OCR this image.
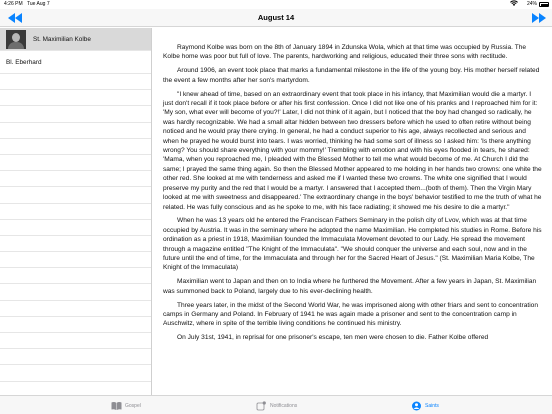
4:26 PM Tue Aug 7	24%
August 14
St. Maximilian Kolbe
Bl. Eberhard

Raymond Kolbe was born on the 8th of January 1894 in Zdunska Wola, which at that time was occupied by Russia. The Kolbe home was poor but full of love. The parents, hardworking and religious, educated their three sons with rectitude.

Around 1906, an event took place that marks a fundamental milestone in the life of the young boy. His mother herself related the event a few months after her son's martyrdom.

"I knew ahead of time, based on an extraordinary event that took place in his infancy, that Maximilian would die a martyr. I just don't recall if it took place before or after his first confession. Once I did not like one of his pranks and I reproached him for it: 'My son, what ever will become of you?!' Later, I did not think of it again, but I noticed that the boy had changed so radically, he was hardly recognizable. We had a small altar hidden between two dressers before which he used to often retire without being noticed and he would pray there crying. In general, he had a conduct superior to his age, always recollected and serious and when he prayed he would burst into tears. I was worried, thinking he had some sort of illness so I asked him: 'Is there anything wrong? You should share everything with your mommy!' Trembling with emotion and with his eyes flooded in tears, he shared: 'Mama, when you reproached me, I pleaded with the Blessed Mother to tell me what would become of me. At Church I did the same; I prayed the same thing again. So then the Blessed Mother appeared to me holding in her hands two crowns: one white the other red. She looked at me with tenderness and asked me if I wanted these two crowns. The white one signified that I would preserve my purity and the red that I would be a martyr. I answered that I accepted them...(both of them). Then the Virgin Mary looked at me with sweetness and disappeared.' The extraordinary change in the boys' behavior testified to me the truth of what he related. He was fully conscious and as he spoke to me, with his face radiating; it showed me his desire to die a martyr."

When he was 13 years old he entered the Franciscan Fathers Seminary in the polish city of Lvov, which was at that time occupied by Austria. It was in the seminary where he adopted the name Maximilian. He completed his studies in Rome. Before his ordination as a priest in 1918, Maximilian founded the Immaculata Movement devoted to our Lady. He spread the movement through a magazine entitled "The Knight of the Immaculata". "We should conquer the universe and each soul, now and in the future until the end of time, for the Immaculata and through her for the Sacred Heart of Jesus." (St. Maximilian Maria Kolbe, The Knight of the Immaculata)

Maximilian went to Japan and then on to India where he furthered the Movement. After a few years in Japan, St. Maximilian was summoned back to Poland, largely due to his ever-declining health.

Three years later, in the midst of the Second World War, he was imprisoned along with other friars and sent to concentration camps in Germany and Poland. In February of 1941 he was again made a prisoner and sent to the concentration camp in Auschwitz, where in spite of the terrible living conditions he continued his ministry.

On July 31st, 1941, in reprisal for one prisoner's escape, ten men were chosen to die. Father Kolbe offered

Gospel	Notifications	Saints
